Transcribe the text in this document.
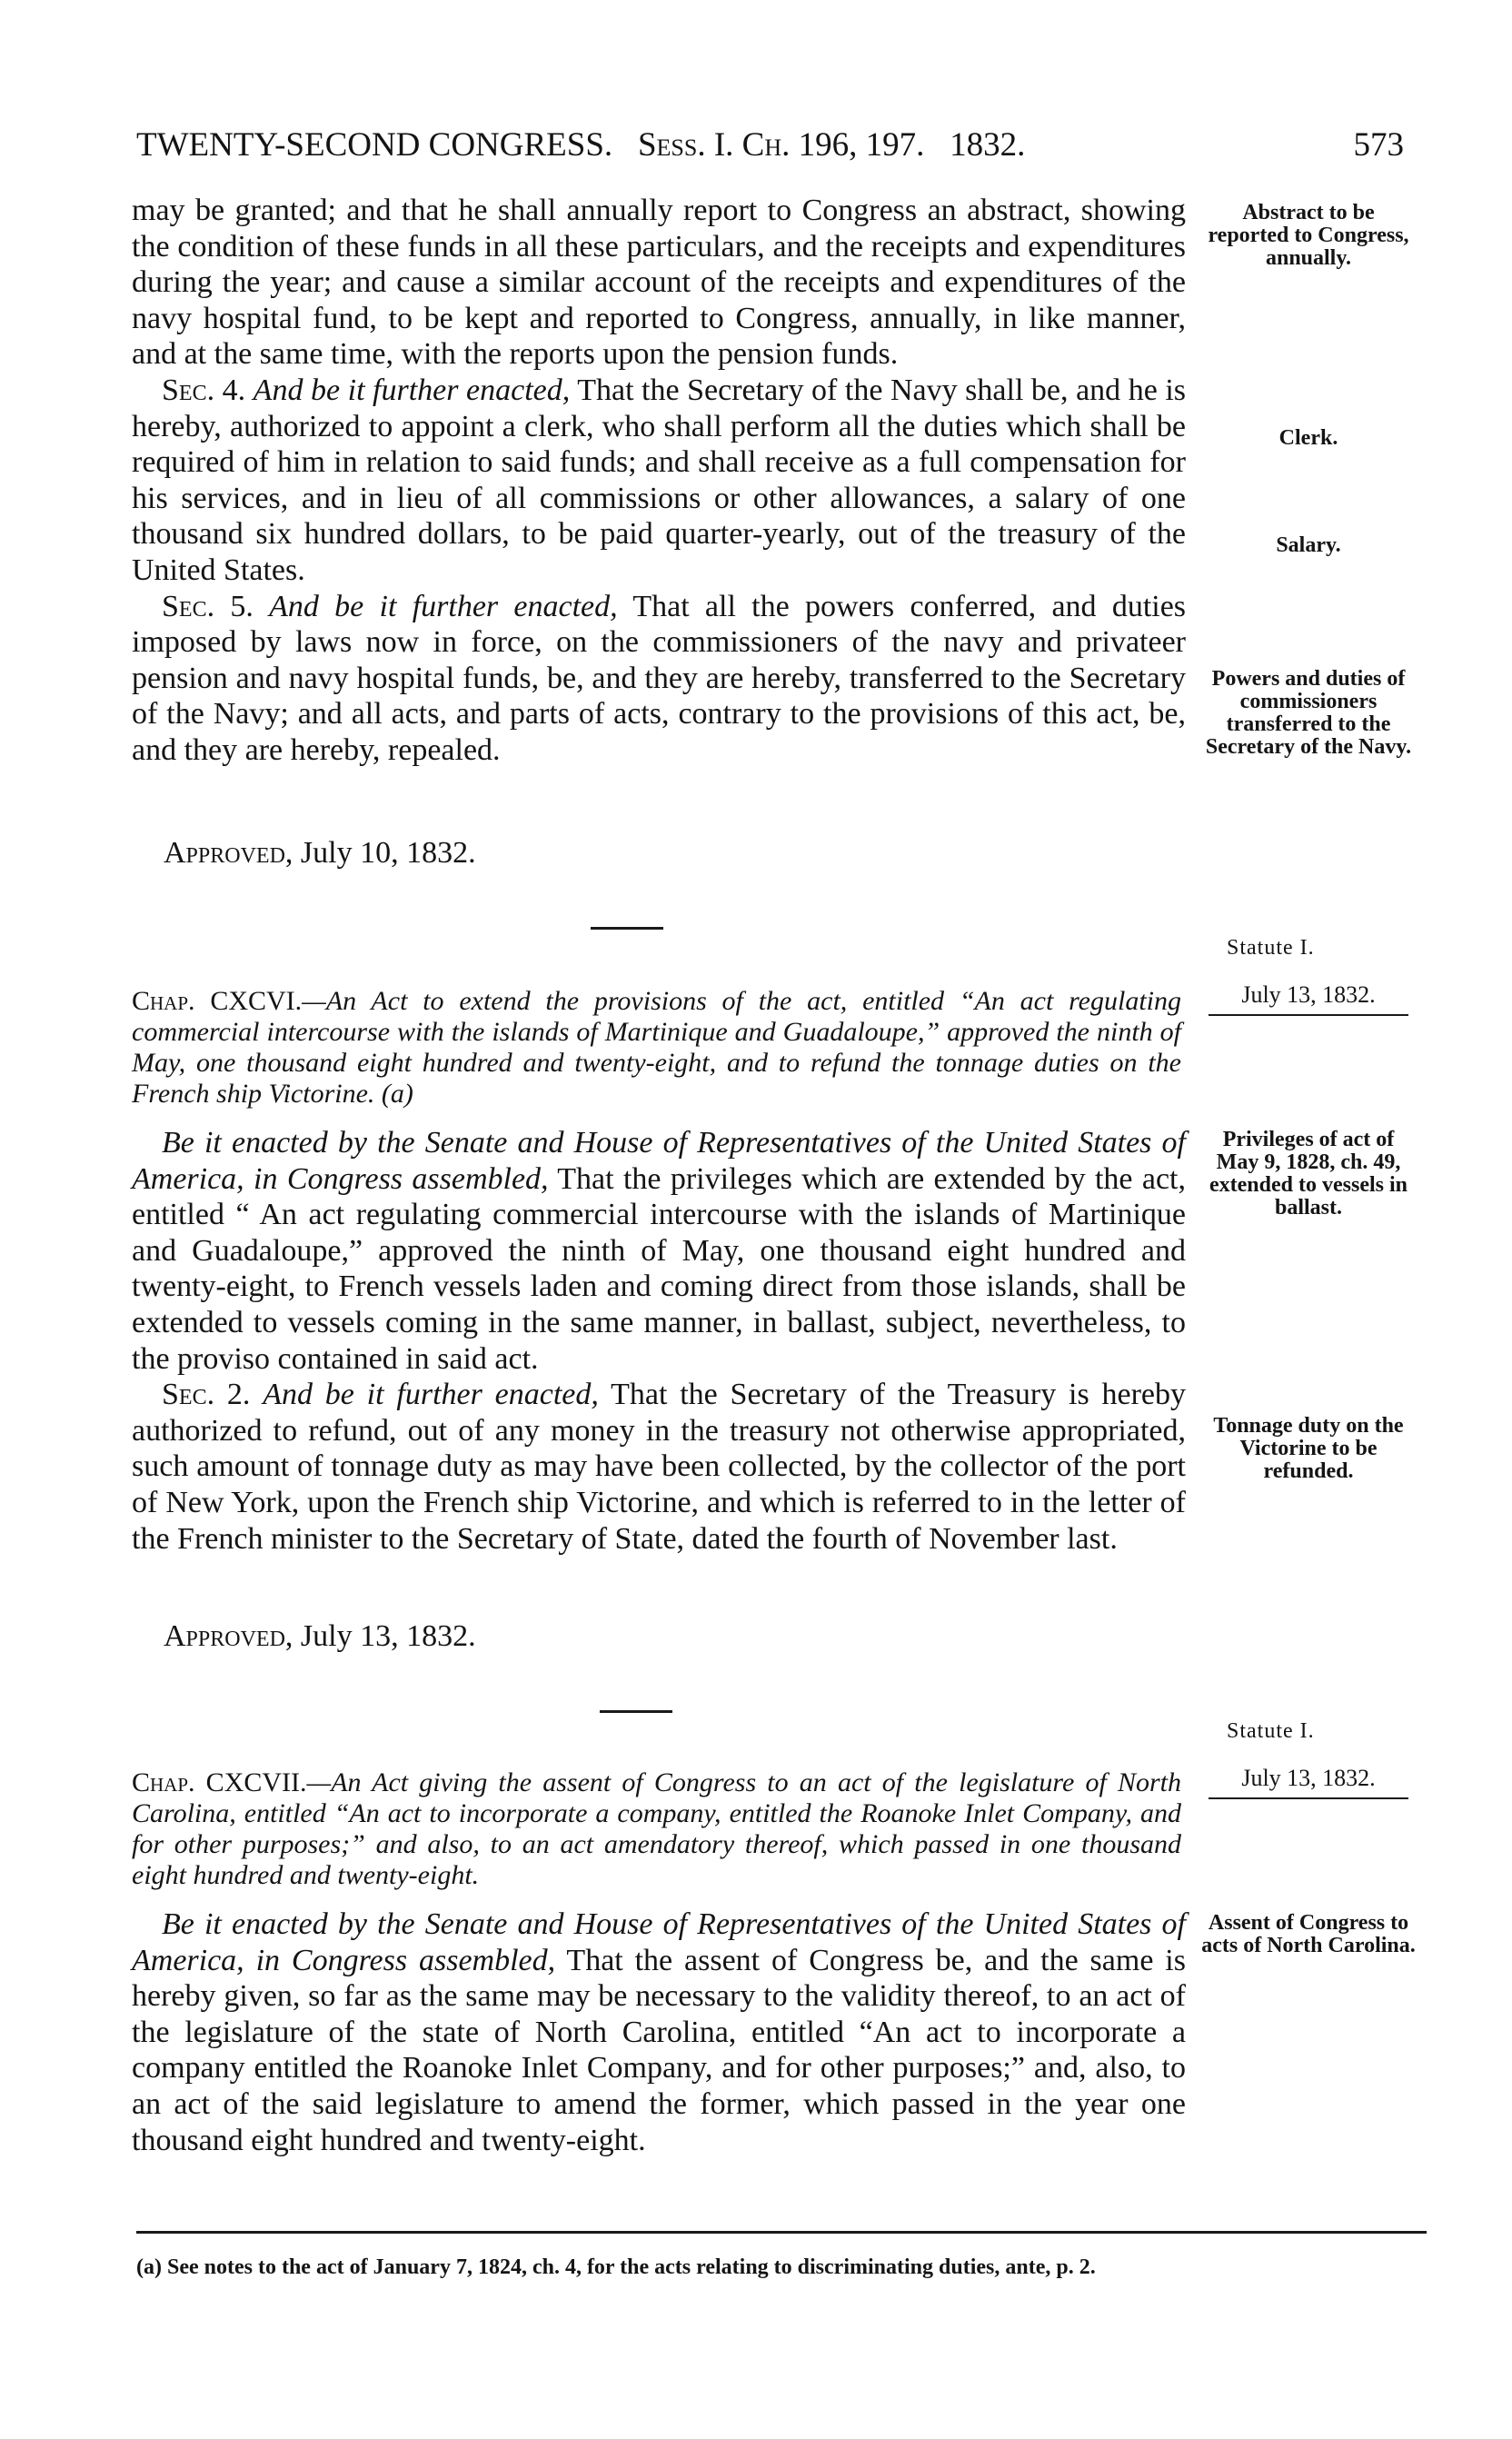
TWENTY-SECOND CONGRESS. Sess. I. Ch. 196, 197. 1832.	573

may be granted; and that he shall annually report to Congress an abstract, showing the condition of these funds in all these particulars, and the receipts and expenditures during the year; and cause a similar account of the receipts and expenditures of the navy hospital fund, to be kept and reported to Congress, annually, in like manner, and at the same time, with the reports upon the pension funds.

Sec. 4. And be it further enacted, That the Secretary of the Navy shall be, and he is hereby, authorized to appoint a clerk, who shall perform all the duties which shall be required of him in relation to said funds; and shall receive as a full compensation for his services, and in lieu of all commissions or other allowances, a salary of one thousand six hundred dollars, to be paid quarter-yearly, out of the treasury of the United States.

Sec. 5. And be it further enacted, That all the powers conferred, and duties imposed by laws now in force, on the commissioners of the navy and privateer pension and navy hospital funds, be, and they are hereby, transferred to the Secretary of the Navy; and all acts, and parts of acts, contrary to the provisions of this act, be, and they are hereby, repealed.

Approved, July 10, 1832.
Abstract to be reported to Congress, annually.
Clerk.
Salary.
Powers and duties of commissioners transferred to the Secretary of the Navy.
Statute I.
July 13, 1832.
Chap. CXCVI.—An Act to extend the provisions of the act, entitled “An act regulating commercial intercourse with the islands of Martinique and Guadaloupe,” approved the ninth of May, one thousand eight hundred and twenty-eight, and to refund the tonnage duties on the French ship Victorine. (a)

Be it enacted by the Senate and House of Representatives of the United States of America, in Congress assembled, That the privileges which are extended by the act, entitled “ An act regulating commercial intercourse with the islands of Martinique and Guadaloupe,” approved the ninth of May, one thousand eight hundred and twenty-eight, to French vessels laden and coming direct from those islands, shall be extended to vessels coming in the same manner, in ballast, subject, nevertheless, to the proviso contained in said act.

Sec. 2. And be it further enacted, That the Secretary of the Treasury is hereby authorized to refund, out of any money in the treasury not otherwise appropriated, such amount of tonnage duty as may have been collected, by the collector of the port of New York, upon the French ship Victorine, and which is referred to in the letter of the French minister to the Secretary of State, dated the fourth of November last.

Approved, July 13, 1832.
Privileges of act of May 9, 1828, ch. 49, extended to vessels in ballast.
Tonnage duty on the Victorine to be refunded.
Statute I.
July 13, 1832.
Chap. CXCVII.—An Act giving the assent of Congress to an act of the legislature of North Carolina, entitled “An act to incorporate a company, entitled the Roanoke Inlet Company, and for other purposes;” and also, to an act amendatory thereof, which passed in one thousand eight hundred and twenty-eight.

Be it enacted by the Senate and House of Representatives of the United States of America, in Congress assembled, That the assent of Congress be, and the same is hereby given, so far as the same may be necessary to the validity thereof, to an act of the legislature of the state of North Carolina, entitled “An act to incorporate a company entitled the Roanoke Inlet Company, and for other purposes;” and, also, to an act of the said legislature to amend the former, which passed in the year one thousand eight hundred and twenty-eight.

Assent of Congress to acts of North Carolina.
(a) See notes to the act of January 7, 1824, ch. 4, for the acts relating to discriminating duties, ante, p. 2.
